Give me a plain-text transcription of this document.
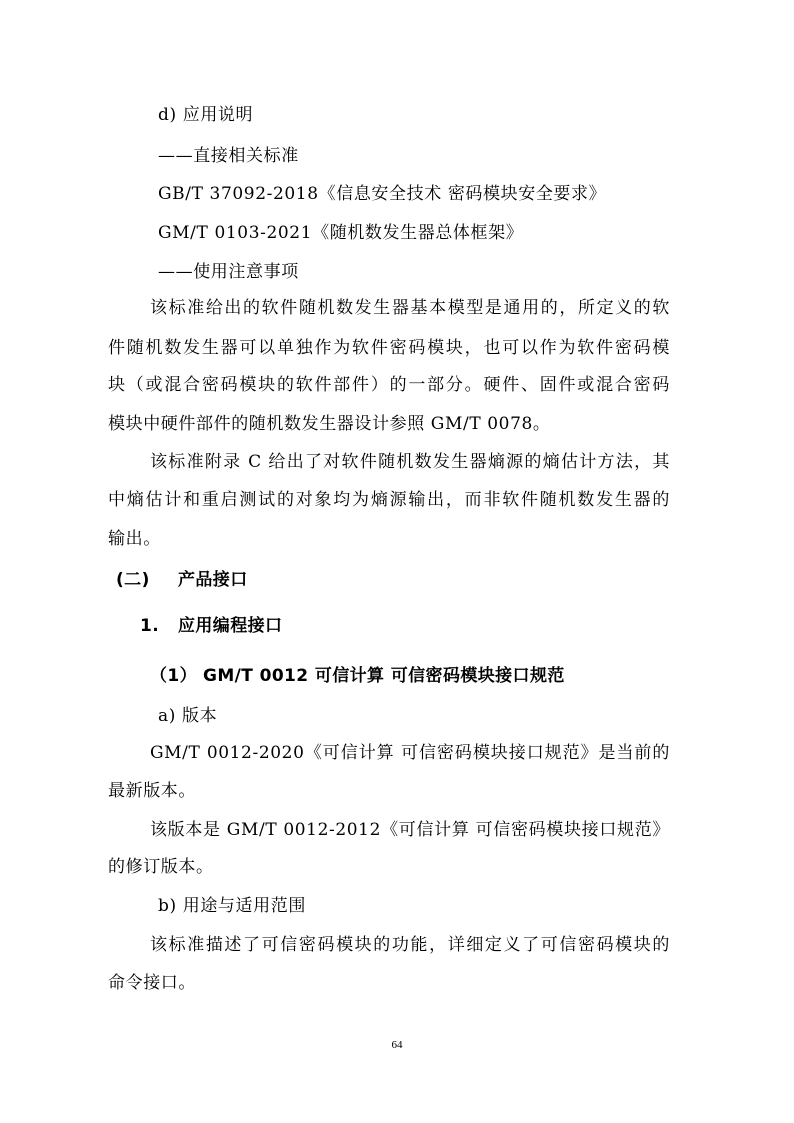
d) 应用说明
——直接相关标准
GB/T 37092-2018《信息安全技术 密码模块安全要求》
GM/T 0103-2021《随机数发生器总体框架》
——使用注意事项
该标准给出的软件随机数发生器基本模型是通用的，所定义的软
件随机数发生器可以单独作为软件密码模块，也可以作为软件密码模
块（或混合密码模块的软件部件）的一部分。硬件、固件或混合密码
模块中硬件部件的随机数发生器设计参照 GM/T 0078。
该标准附录 C 给出了对软件随机数发生器熵源的熵估计方法，其
中熵估计和重启测试的对象均为熵源输出，而非软件随机数发生器的
输出。
(二) 产品接口
1. 应用编程接口
（1） GM/T 0012 可信计算 可信密码模块接口规范
a) 版本
GM/T 0012-2020《可信计算 可信密码模块接口规范》是当前的
最新版本。
该版本是 GM/T 0012-2012《可信计算 可信密码模块接口规范》
的修订版本。
b) 用途与适用范围
该标准描述了可信密码模块的功能，详细定义了可信密码模块的
命令接口。
64
